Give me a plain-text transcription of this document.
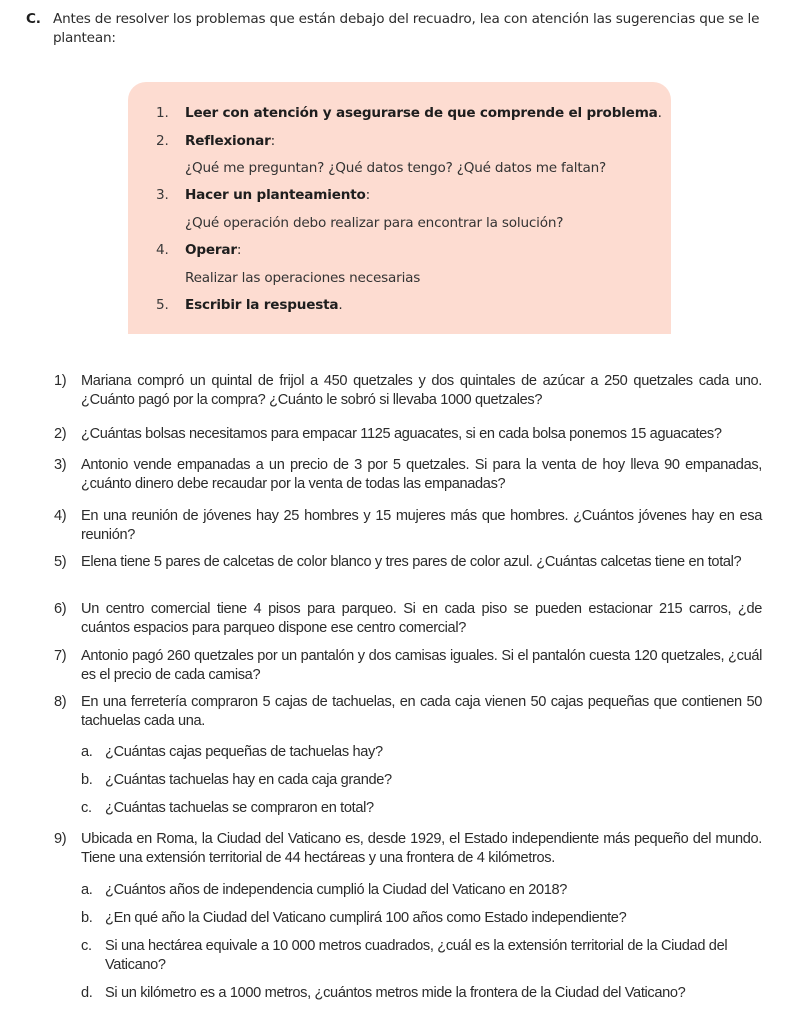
C. Antes de resolver los problemas que están debajo del recuadro, lea con atención las sugerencias que se le plantean:
1. Leer con atención y asegurarse de que comprende el problema.
2. Reflexionar:
¿Qué me preguntan? ¿Qué datos tengo? ¿Qué datos me faltan?
3. Hacer un planteamiento:
¿Qué operación debo realizar para encontrar la solución?
4. Operar:
Realizar las operaciones necesarias
5. Escribir la respuesta.
1) Mariana compró un quintal de frijol a 450 quetzales y dos quintales de azúcar a 250 quetzales cada uno. ¿Cuánto pagó por la compra? ¿Cuánto le sobró si llevaba 1000 quetzales?
2) ¿Cuántas bolsas necesitamos para empacar 1125 aguacates, si en cada bolsa ponemos 15 aguacates?
3) Antonio vende empanadas a un precio de 3 por 5 quetzales. Si para la venta de hoy lleva 90 empanadas, ¿cuánto dinero debe recaudar por la venta de todas las empanadas?
4) En una reunión de jóvenes hay 25 hombres y 15 mujeres más que hombres. ¿Cuántos jóvenes hay en esa reunión?
5) Elena tiene 5 pares de calcetas de color blanco y tres pares de color azul. ¿Cuántas calcetas tiene en total?
6) Un centro comercial tiene 4 pisos para parqueo. Si en cada piso se pueden estacionar 215 carros, ¿de cuántos espacios para parqueo dispone ese centro comercial?
7) Antonio pagó 260 quetzales por un pantalón y dos camisas iguales. Si el pantalón cuesta 120 quetzales, ¿cuál es el precio de cada camisa?
8) En una ferretería compraron 5 cajas de tachuelas, en cada caja vienen 50 cajas pequeñas que contienen 50 tachuelas cada una.
a. ¿Cuántas cajas pequeñas de tachuelas hay?
b. ¿Cuántas tachuelas hay en cada caja grande?
c. ¿Cuántas tachuelas se compraron en total?
9) Ubicada en Roma, la Ciudad del Vaticano es, desde 1929, el Estado independiente más pequeño del mundo. Tiene una extensión territorial de 44 hectáreas y una frontera de 4 kilómetros.
a. ¿Cuántos años de independencia cumplió la Ciudad del Vaticano en 2018?
b. ¿En qué año la Ciudad del Vaticano cumplirá 100 años como Estado independiente?
c. Si una hectárea equivale a 10 000 metros cuadrados, ¿cuál es la extensión territorial de la Ciudad del Vaticano?
d. Si un kilómetro es a 1000 metros, ¿cuántos metros mide la frontera de la Ciudad del Vaticano?
